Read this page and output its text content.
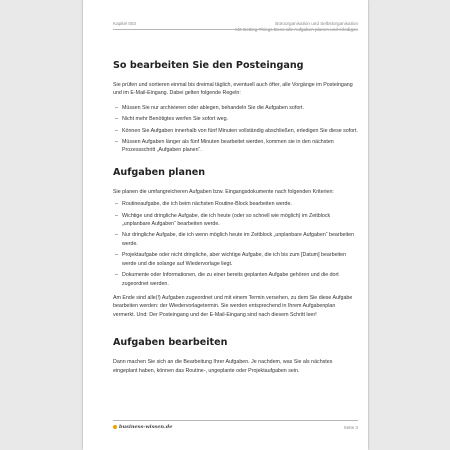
Kapitel 003	Büroorganisation und Selbstorganisation
Mit Getting Things Done alle Aufgaben planen und erledigen
So bearbeiten Sie den Posteingang

Sie prüfen und sortieren einmal bis dreimal täglich, eventuell auch öfter, alle Vorgänge im Posteingang und im E-Mail-Eingang. Dabei gelten folgende Regeln:

– Müssen Sie nur archivieren oder ablegen, behandeln Sie die Aufgaben sofort.
– Nicht mehr Benötigtes werfen Sie sofort weg.
– Können Sie Aufgaben innerhalb von fünf Minuten vollständig abschließen, erledigen Sie diese sofort.
– Müssen Aufgaben länger als fünf Minuten bearbeitet werden, kommen sie in den nächsten Prozessschritt „Aufgaben planen“.
Aufgaben planen

Sie planen die umfangreicheren Aufgaben bzw. Eingangsdokumente nach folgenden Kriterien:

– Routineaufgabe, die ich beim nächsten Routine-Block bearbeiten werde.
– Wichtige und dringliche Aufgabe, die ich heute (oder so schnell wie möglich) im Zeitblock „unplanbare Aufgaben“ bearbeiten werde.
– Nur dringliche Aufgabe, die ich wenn möglich heute im Zeitblock „unplanbare Aufgaben“ bearbeiten werde.
– Projektaufgabe oder nicht dringliche, aber wichtige Aufgabe, die ich bis zum [Datum] bearbeiten werde und die solange auf Wiedervorlage liegt.
– Dokumente oder Informationen, die zu einer bereits geplanten Aufgabe gehören und die dort zugeordnet werden.

Am Ende sind alle(!) Aufgaben zugeordnet und mit einem Termin versehen, zu dem Sie diese Aufgabe bearbeiten werden: der Wiedervorlagetermin. Sie werden entsprechend in Ihrem Aufgabenplan vermerkt. Und: Der Posteingang und der E-Mail-Eingang sind nach diesem Schritt leer!

Aufgaben bearbeiten

Dann machen Sie sich an die Bearbeitung Ihrer Aufgaben. Je nachdem, was Sie als nächstes eingeplant haben, können das Routine-, ungeplante oder Projektaufgaben sein.

business-wissen.de	Seite 3
